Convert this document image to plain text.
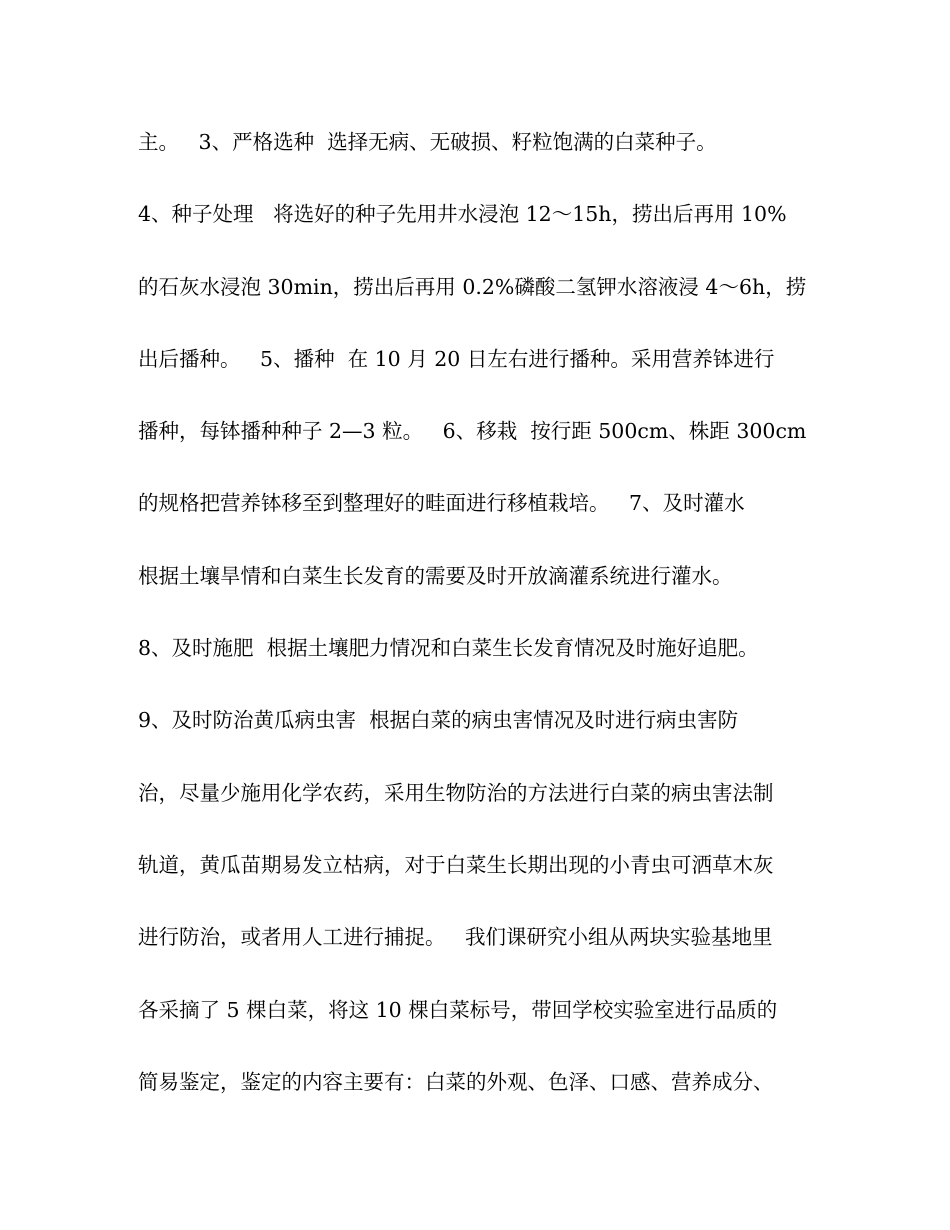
主。   3、严格选种  选择无病、无破损、籽粒饱满的白菜种子。
4、种子处理   将选好的种子先用井水浸泡 12～15h，捞出后再用 10%
的石灰水浸泡 30min，捞出后再用 0.2%磷酸二氢钾水溶液浸 4～6h，捞
出后播种。   5、播种  在 10 月 20 日左右进行播种。采用营养钵进行
播种，每钵播种种子 2—3 粒。   6、移栽  按行距 500cm、株距 300cm
的规格把营养钵移至到整理好的畦面进行移植栽培。   7、及时灌水
根据土壤旱情和白菜生长发育的需要及时开放滴灌系统进行灌水。
8、及时施肥  根据土壤肥力情况和白菜生长发育情况及时施好追肥。
9、及时防治黄瓜病虫害  根据白菜的病虫害情况及时进行病虫害防
治，尽量少施用化学农药，采用生物防治的方法进行白菜的病虫害法制
轨道，黄瓜苗期易发立枯病，对于白菜生长期出现的小青虫可洒草木灰
进行防治，或者用人工进行捕捉。   我们课研究小组从两块实验基地里
各采摘了 5 棵白菜，将这 10 棵白菜标号，带回学校实验室进行品质的
简易鉴定，鉴定的内容主要有：白菜的外观、色泽、口感、营养成分、
